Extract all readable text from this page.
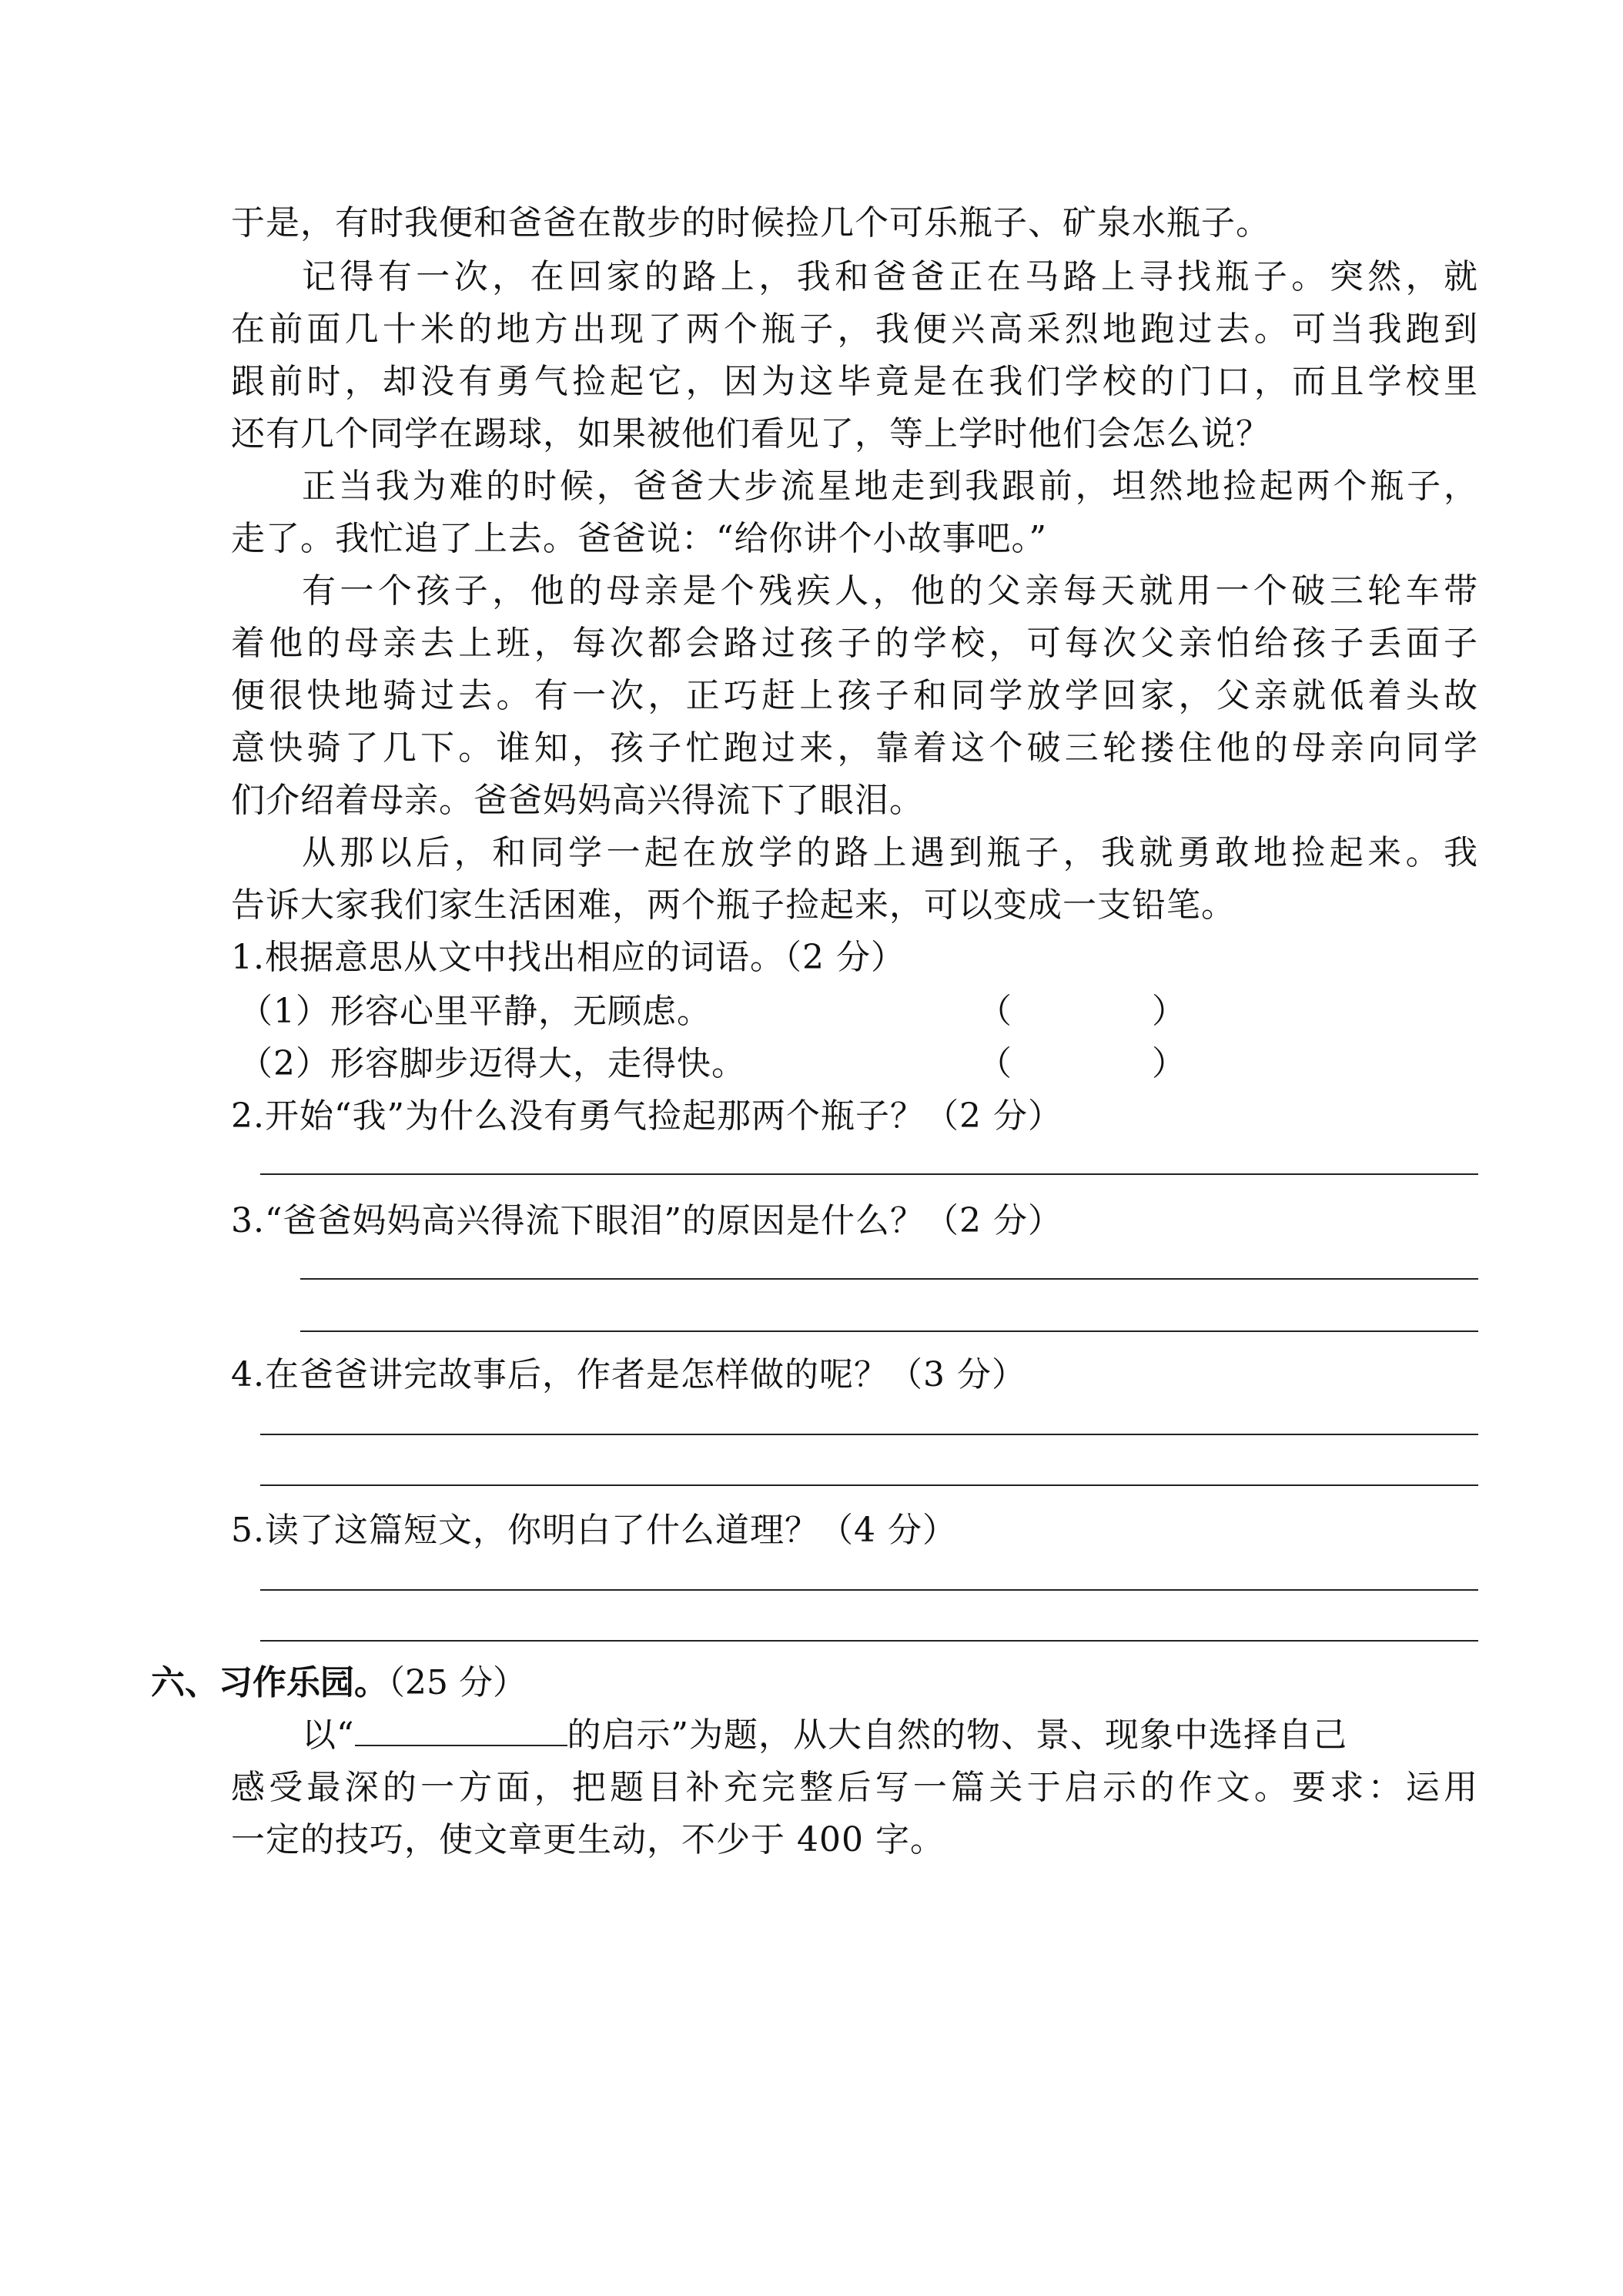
于是，有时我便和爸爸在散步的时候捡几个可乐瓶子、矿泉水瓶子。
记得有一次，在回家的路上，我和爸爸正在马路上寻找瓶子。突然，就
在前面几十米的地方出现了两个瓶子，我便兴高采烈地跑过去。可当我跑到
跟前时，却没有勇气捡起它，因为这毕竟是在我们学校的门口，而且学校里
还有几个同学在踢球，如果被他们看见了，等上学时他们会怎么说？
正当我为难的时候，爸爸大步流星地走到我跟前，坦然地捡起两个瓶子，
走了。我忙追了上去。爸爸说：“给你讲个小故事吧。”
有一个孩子，他的母亲是个残疾人，他的父亲每天就用一个破三轮车带
着他的母亲去上班，每次都会路过孩子的学校，可每次父亲怕给孩子丢面子
便很快地骑过去。有一次，正巧赶上孩子和同学放学回家，父亲就低着头故
意快骑了几下。谁知，孩子忙跑过来，靠着这个破三轮搂住他的母亲向同学
们介绍着母亲。爸爸妈妈高兴得流下了眼泪。
从那以后，和同学一起在放学的路上遇到瓶子，我就勇敢地捡起来。我
告诉大家我们家生活困难，两个瓶子捡起来，可以变成一支铅笔。
1.根据意思从文中找出相应的词语。（2 分）
（1）形容心里平静，无顾虑。	（	）
（2）形容脚步迈得大，走得快。	（	）
2.开始“我”为什么没有勇气捡起那两个瓶子？（2 分）
3.“爸爸妈妈高兴得流下眼泪”的原因是什么？（2 分）
4.在爸爸讲完故事后，作者是怎样做的呢？（3 分）
5.读了这篇短文，你明白了什么道理？（4 分）
六、习作乐园。（25 分）
以“	的启示”为题，从大自然的物、景、现象中选择自己
感受最深的一方面，把题目补充完整后写一篇关于启示的作文。要求：运用
一定的技巧，使文章更生动，不少于 400 字。
